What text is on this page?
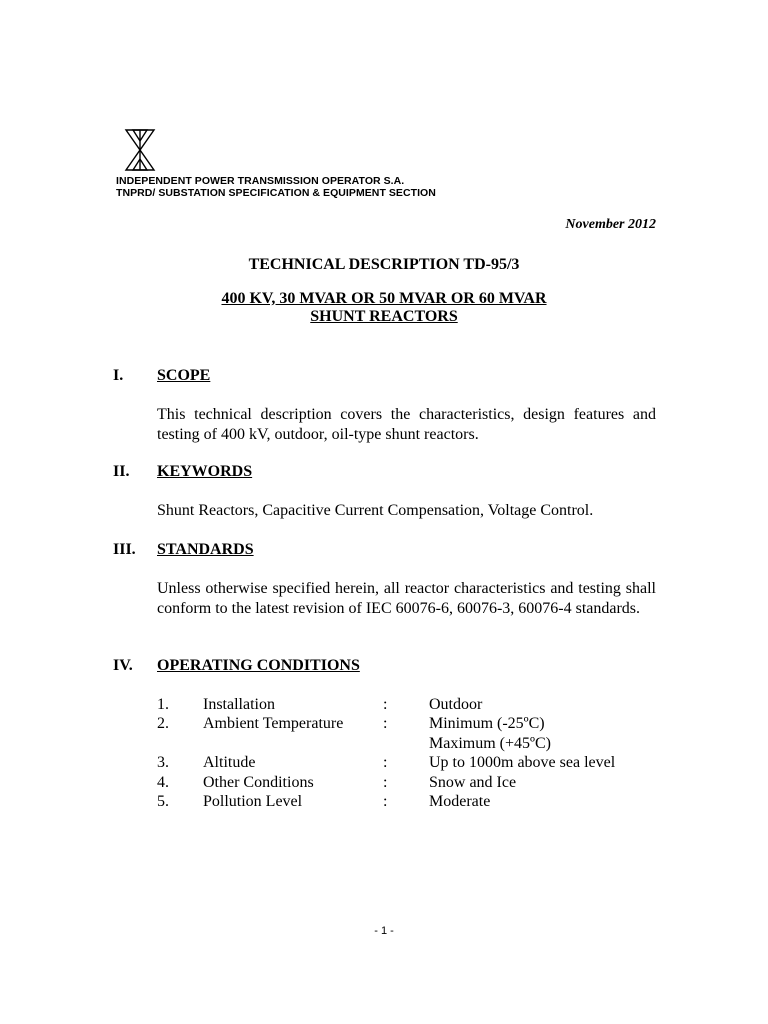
INDEPENDENT POWER TRANSMISSION OPERATOR S.A.
TNPRD/ SUBSTATION SPECIFICATION & EQUIPMENT SECTION
November 2012
TECHNICAL DESCRIPTION TD-95/3
400 KV, 30 MVAR OR 50 MVAR OR 60 MVAR
SHUNT REACTORS
I. SCOPE
This technical description covers the characteristics, design features and testing of 400 kV, outdoor, oil-type shunt reactors.
II. KEYWORDS
Shunt Reactors, Capacitive Current Compensation, Voltage Control.
III. STANDARDS
Unless otherwise specified herein, all reactor characteristics and testing shall conform to the latest revision of IEC 60076-6, 60076-3, 60076-4 standards.
IV. OPERATING CONDITIONS
1. Installation	:	Outdoor
2. Ambient Temperature :	Minimum (-25ºC)
Maximum (+45ºC)
3. Altitude	:	Up to 1000m above sea level
4. Other Conditions	:	Snow and Ice
5. Pollution Level	:	Moderate
- 1 -
